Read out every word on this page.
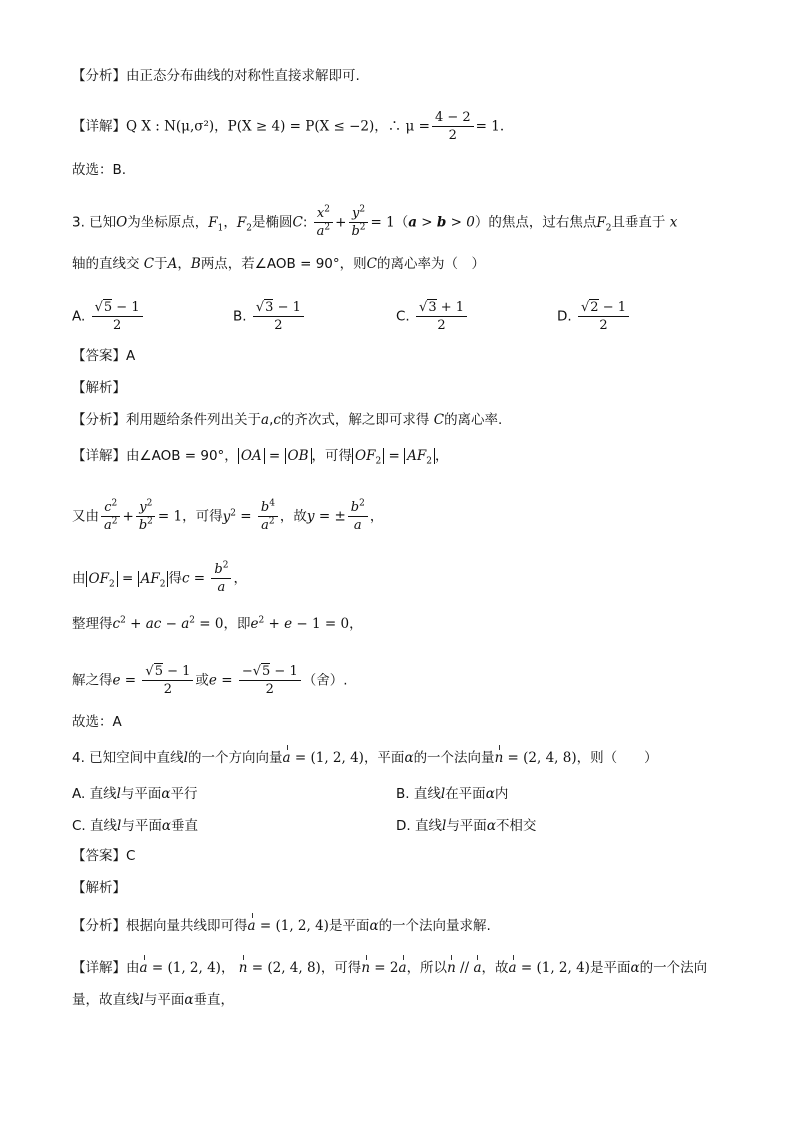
【分析】由正态分布曲线的对称性直接求解即可.
【详解】Q X : N(μ,σ²)，P(X ≥ 4) = P(X ≤ −2)，∴ $\mu = \frac{4 - 2}{2} = 1$.
故选：B.
3. 已知O为坐标原点，$F_1$，$F_2$是椭圆C: $\frac{x^2}{a^2} + \frac{y^2}{b^2} = 1(a > b > 0)$的焦点，过右焦点$F_2$且垂直于 x
轴的直线交 C于A，B两点，若∠AOB = 90°，则C的离心率为（　）
A. $\frac{√5 - 1}{2}$	B. $\frac{√3 - 1}{2}$	C. $\frac{√3 + 1}{2}$	D. $\frac{√2 - 1}{2}$
【答案】A
【解析】
【分析】利用题给条件列出关于a,c的齐次式，解之即可求得 C的离心率.
【详解】由∠AOB = 90°， OA = OB ，可得 $OF_2 = AF_2$ ，
又由 $\frac{c^2}{a^2} + \frac{y^2}{b^2} = 1$，可得$y^2 = \frac{b^4}{a^2}$ ，故y = ± $\frac{b^2}{a}$ ，
由 $OF_2 = AF_2$ 得$c = \frac{b^2}{a}$ ，
整理得$c^2$ + ac − $a^2 = 0$，即$e^2 + e - 1 = 0$，
解之得$e = \frac{√5 - 1}{2}$ 或$e = \frac{-√5 - 1}{2}$ （舍）.
故选：A
4. 已知空间中直线l的一个方向向量a = (1, 2, 4)，平面α的一个法向量n = (2, 4, 8)，则（　　）
A. 直线l与平面α平行	B. 直线l在平面α内
C. 直线l与平面α垂直	D. 直线l与平面α不相交
【答案】C
【解析】
【分析】根据向量共线即可得a = (1, 2, 4)是平面α的一个法向量求解.
【详解】由a = (1, 2, 4)， n = (2, 4, 8)，可得n = 2a，所以n // a，故a = (1, 2, 4)是平面α的一个法向
量，故直线l与平面α垂直，
